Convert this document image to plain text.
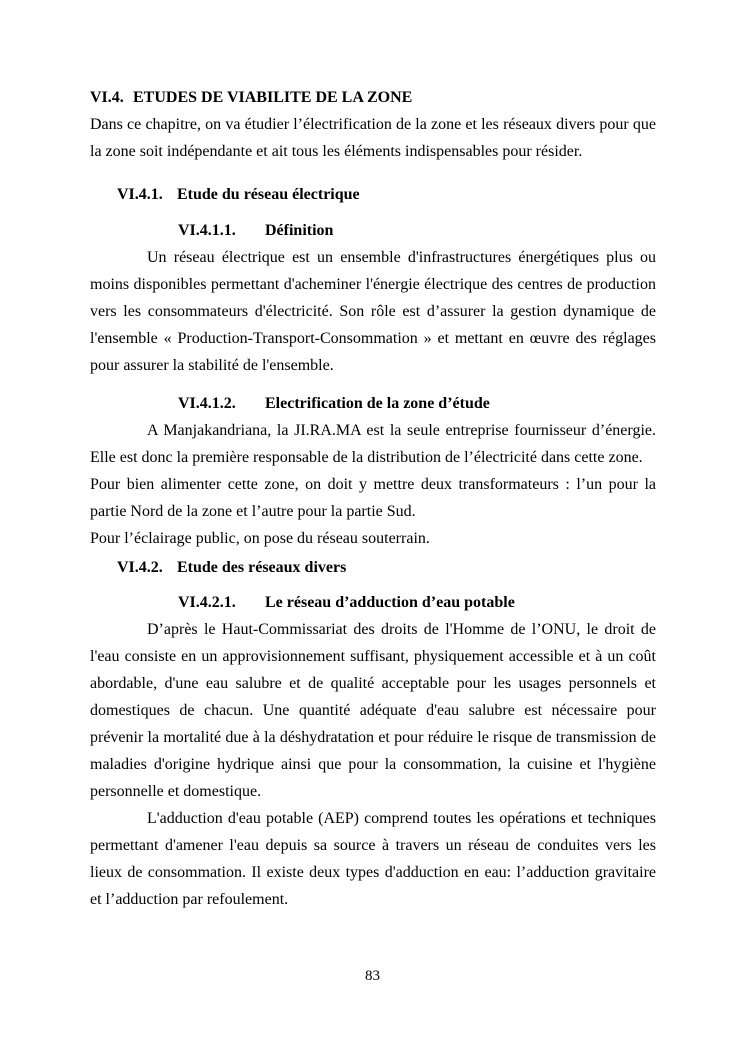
VI.4. ETUDES DE VIABILITE DE LA ZONE

Dans ce chapitre, on va étudier l’électrification de la zone et les réseaux divers pour que la zone soit indépendante et ait tous les éléments indispensables pour résider.

VI.4.1. Etude du réseau électrique
VI.4.1.1. Définition

Un réseau électrique est un ensemble d'infrastructures énergétiques plus ou moins disponibles permettant d'acheminer l'énergie électrique des centres de production vers les consommateurs d'électricité. Son rôle est d’assurer la gestion dynamique de l'ensemble « Production-Transport-Consommation » et mettant en œuvre des réglages pour assurer la stabilité de l'ensemble.

VI.4.1.2. Electrification de la zone d’étude

A Manjakandriana, la JI.RA.MA est la seule entreprise fournisseur d’énergie. Elle est donc la première responsable de la distribution de l’électricité dans cette zone.

Pour bien alimenter cette zone, on doit y mettre deux transformateurs : l’un pour la partie Nord de la zone et l’autre pour la partie Sud.

Pour l’éclairage public, on pose du réseau souterrain.

VI.4.2. Etude des réseaux divers
VI.4.2.1. Le réseau d’adduction d’eau potable

D’après le Haut-Commissariat des droits de l'Homme de l’ONU, le droit de l'eau consiste en un approvisionnement suffisant, physiquement accessible et à un coût abordable, d'une eau salubre et de qualité acceptable pour les usages personnels et domestiques de chacun. Une quantité adéquate d'eau salubre est nécessaire pour prévenir la mortalité due à la déshydratation et pour réduire le risque de transmission de maladies d'origine hydrique ainsi que pour la consommation, la cuisine et l'hygiène personnelle et domestique.

L'adduction d'eau potable (AEP) comprend toutes les opérations et techniques permettant d'amener l'eau depuis sa source à travers un réseau de conduites vers les lieux de consommation. Il existe deux types d'adduction en eau: l’adduction gravitaire et l’adduction par refoulement.

83
